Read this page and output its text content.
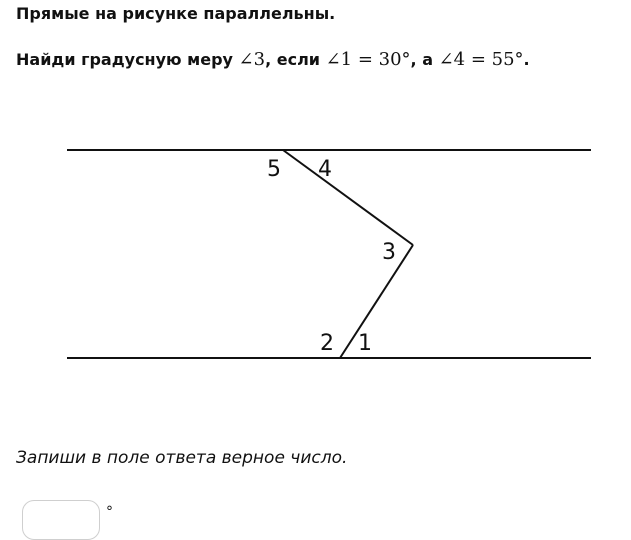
Прямые на рисунке параллельны.
Найди градусную меру ∠3, если ∠1 = 30°, а ∠4 = 55°.
5 4
3
2 1
Запиши в поле ответа верное число.
°
